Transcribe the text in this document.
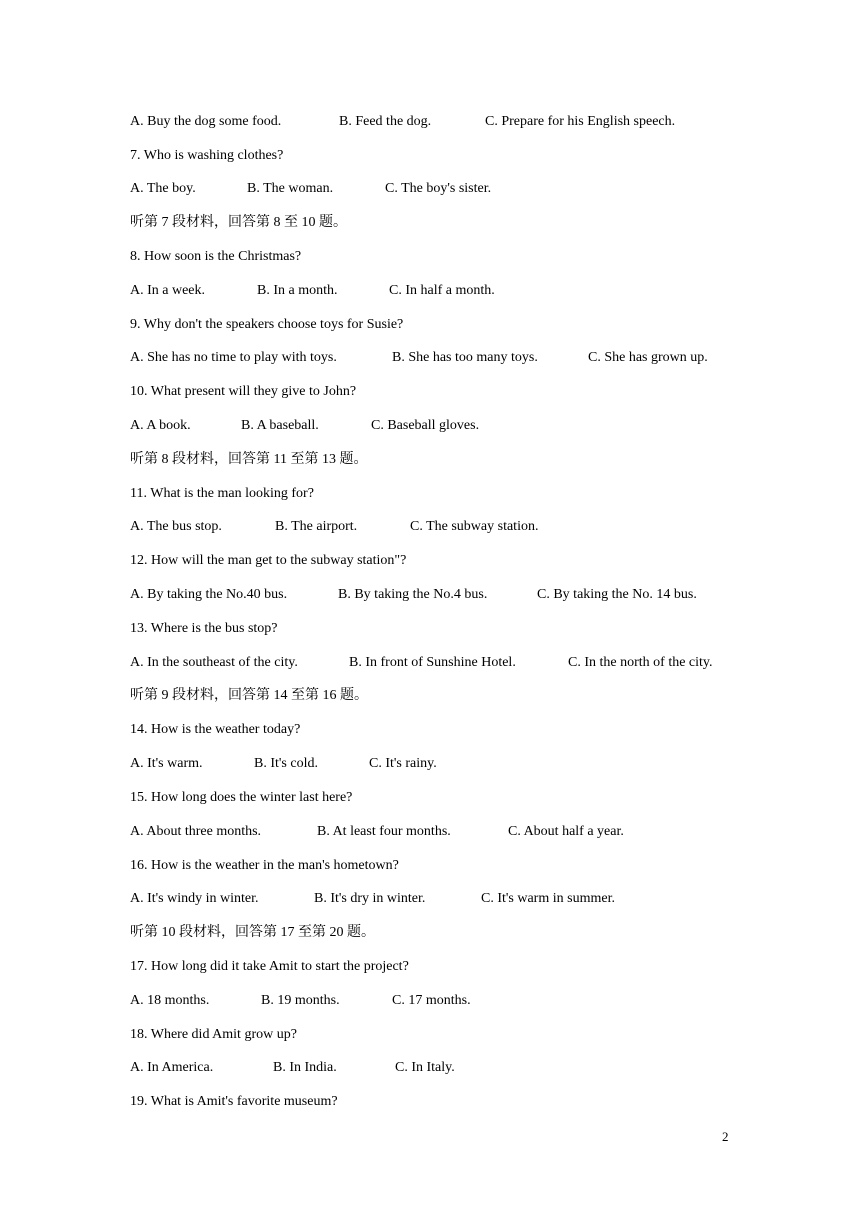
A. Buy the dog some food.	B. Feed the dog.	C. Prepare for his English speech.
7. Who is washing clothes?
A. The boy.	B. The woman.	C. The boy's sister.
听第 7 段材料，回答第 8 至 10 题。
8. How soon is the Christmas?
A. In a week.	B. In a month.	C. In half a month.
9. Why don't the speakers choose toys for Susie?
A. She has no time to play with toys.	B. She has too many toys.	C. She has grown up.
10. What present will they give to John?
A. A book.	B. A baseball.	C. Baseball gloves.
听第 8 段材料，回答第 11 至第 13 题。
11. What is the man looking for?
A. The bus stop.	B. The airport.	C. The subway station.
12. How will the man get to the subway station"?
A. By taking the No.40 bus.	B. By taking the No.4 bus.	C. By taking the No. 14 bus.
13. Where is the bus stop?
A. In the southeast of the city.	B. In front of Sunshine Hotel.	C. In the north of the city.
听第 9 段材料，回答第 14 至第 16 题。
14. How is the weather today?
A. It's warm.	B. It's cold.	C. It's rainy.
15. How long does the winter last here?
A. About three months.	B. At least four months.	C. About half a year.
16. How is the weather in the man's hometown?
A. It's windy in winter.	B. It's dry in winter.	C. It's warm in summer.
听第 10 段材料，回答第 17 至第 20 题。
17. How long did it take Amit to start the project?
A. 18 months.	B. 19 months.	C. 17 months.
18. Where did Amit grow up?
A. In America.	B. In India.	C. In Italy.
19. What is Amit's favorite museum?
2
